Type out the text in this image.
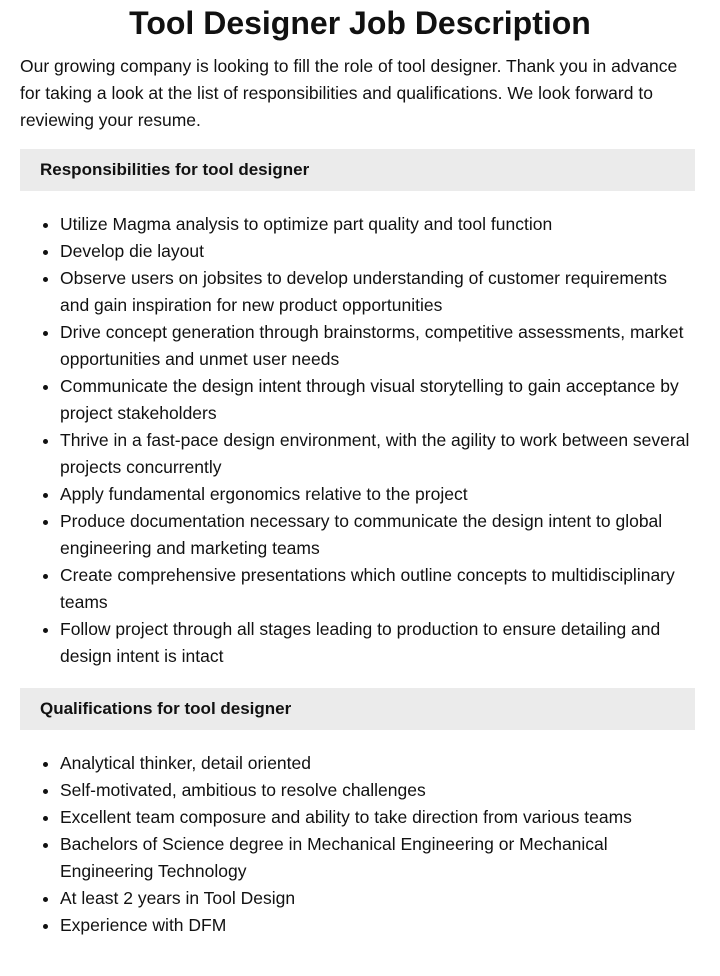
Tool Designer Job Description

Our growing company is looking to fill the role of tool designer. Thank you in advance for taking a look at the list of responsibilities and qualifications. We look forward to reviewing your resume.

Responsibilities for tool designer
• Utilize Magma analysis to optimize part quality and tool function
• Develop die layout
• Observe users on jobsites to develop understanding of customer requirements and gain inspiration for new product opportunities
• Drive concept generation through brainstorms, competitive assessments, market opportunities and unmet user needs
• Communicate the design intent through visual storytelling to gain acceptance by project stakeholders
• Thrive in a fast-pace design environment, with the agility to work between several projects concurrently
• Apply fundamental ergonomics relative to the project
• Produce documentation necessary to communicate the design intent to global engineering and marketing teams
• Create comprehensive presentations which outline concepts to multidisciplinary teams
• Follow project through all stages leading to production to ensure detailing and design intent is intact
Qualifications for tool designer
• Analytical thinker, detail oriented
• Self-motivated, ambitious to resolve challenges
• Excellent team composure and ability to take direction from various teams
• Bachelors of Science degree in Mechanical Engineering or Mechanical Engineering Technology
• At least 2 years in Tool Design
• Experience with DFM
